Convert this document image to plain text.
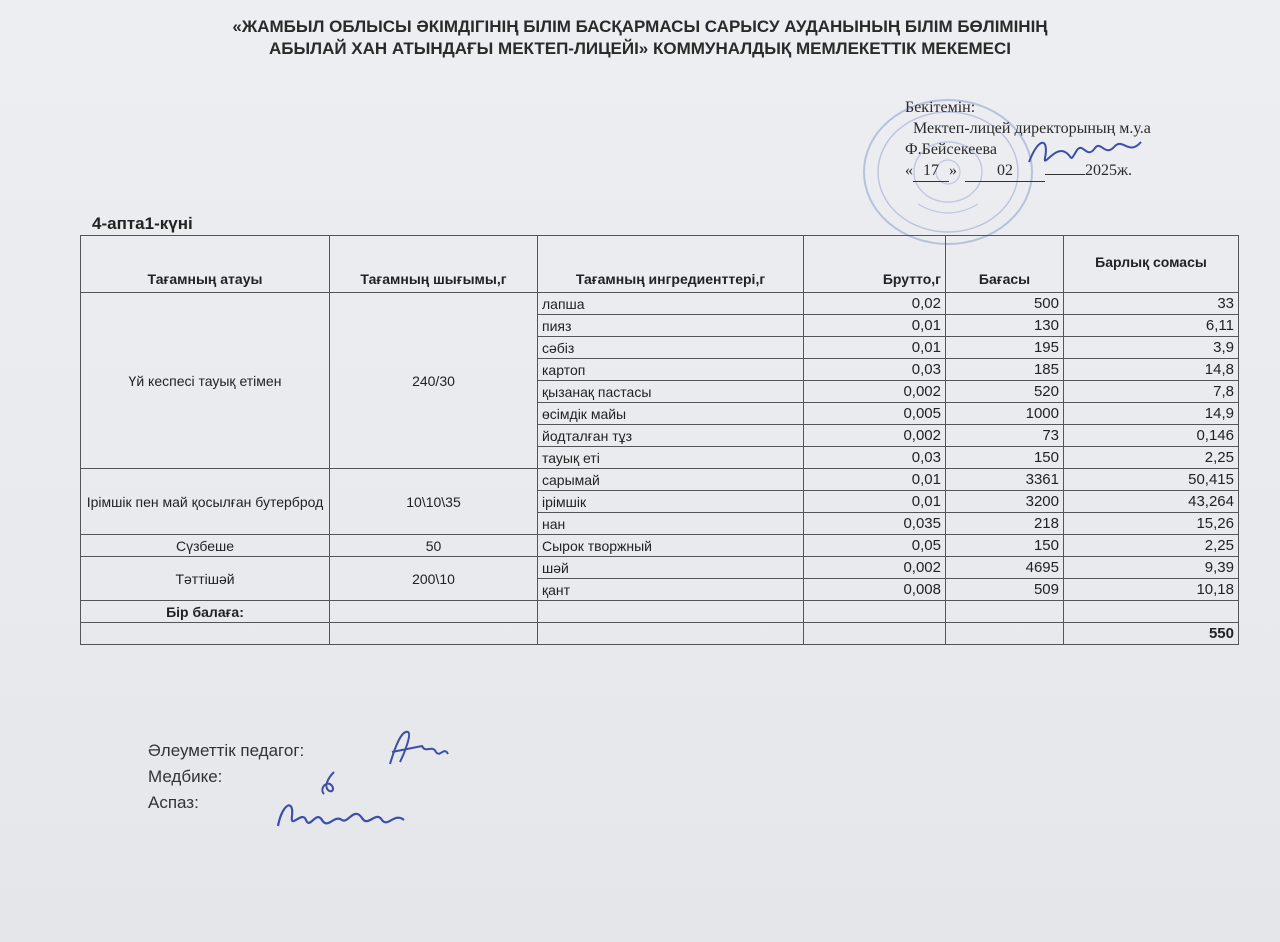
«ЖАМБЫЛ ОБЛЫСЫ ӘКІМДІГІНІҢ БІЛІМ БАСҚАРМАСЫ САРЫСУ АУДАНЫНЫҢ БІЛІМ БӨЛІМІНІҢ
АБЫЛАЙ ХАН АТЫНДАҒЫ МЕКТЕП-ЛИЦЕЙІ» КОММУНАЛДЫҚ МЕМЛЕКЕТТІК МЕКЕМЕСІ
Бекітемін:
Мектеп-лицей директорының м.у.а
Ф.Бейсекеева
« 17 »	02	2025ж.
4-апта1-күні
Тағамның атауы	Тағамның шығымы,г	Тағамның ингредиенттері,г	Брутто,г	Бағасы	Барлық сомасы
Үй кеспесі тауық етімен	240/30	лапша	0,02	500	33
		пияз	0,01	130	6,11
		сәбіз	0,01	195	3,9
		картоп	0,03	185	14,8
		қызанақ пастасы	0,002	520	7,8
		өсімдік майы	0,005	1000	14,9
		йодталған тұз	0,002	73	0,146
		тауық еті	0,03	150	2,25
Ірімшік пен май қосылған бутерброд	10\10\35	сарымай	0,01	3361	50,415
		ірімшік	0,01	3200	43,264
		нан	0,035	218	15,26
Сүзбеше	50	Сырок творжный	0,05	150	2,25
Тәттішәй	200\10	шәй	0,002	4695	9,39
		қант	0,008	509	10,18
Бір балаға:					
					550
Әлеуметтік педагог:
Медбике:
Аспаз:
